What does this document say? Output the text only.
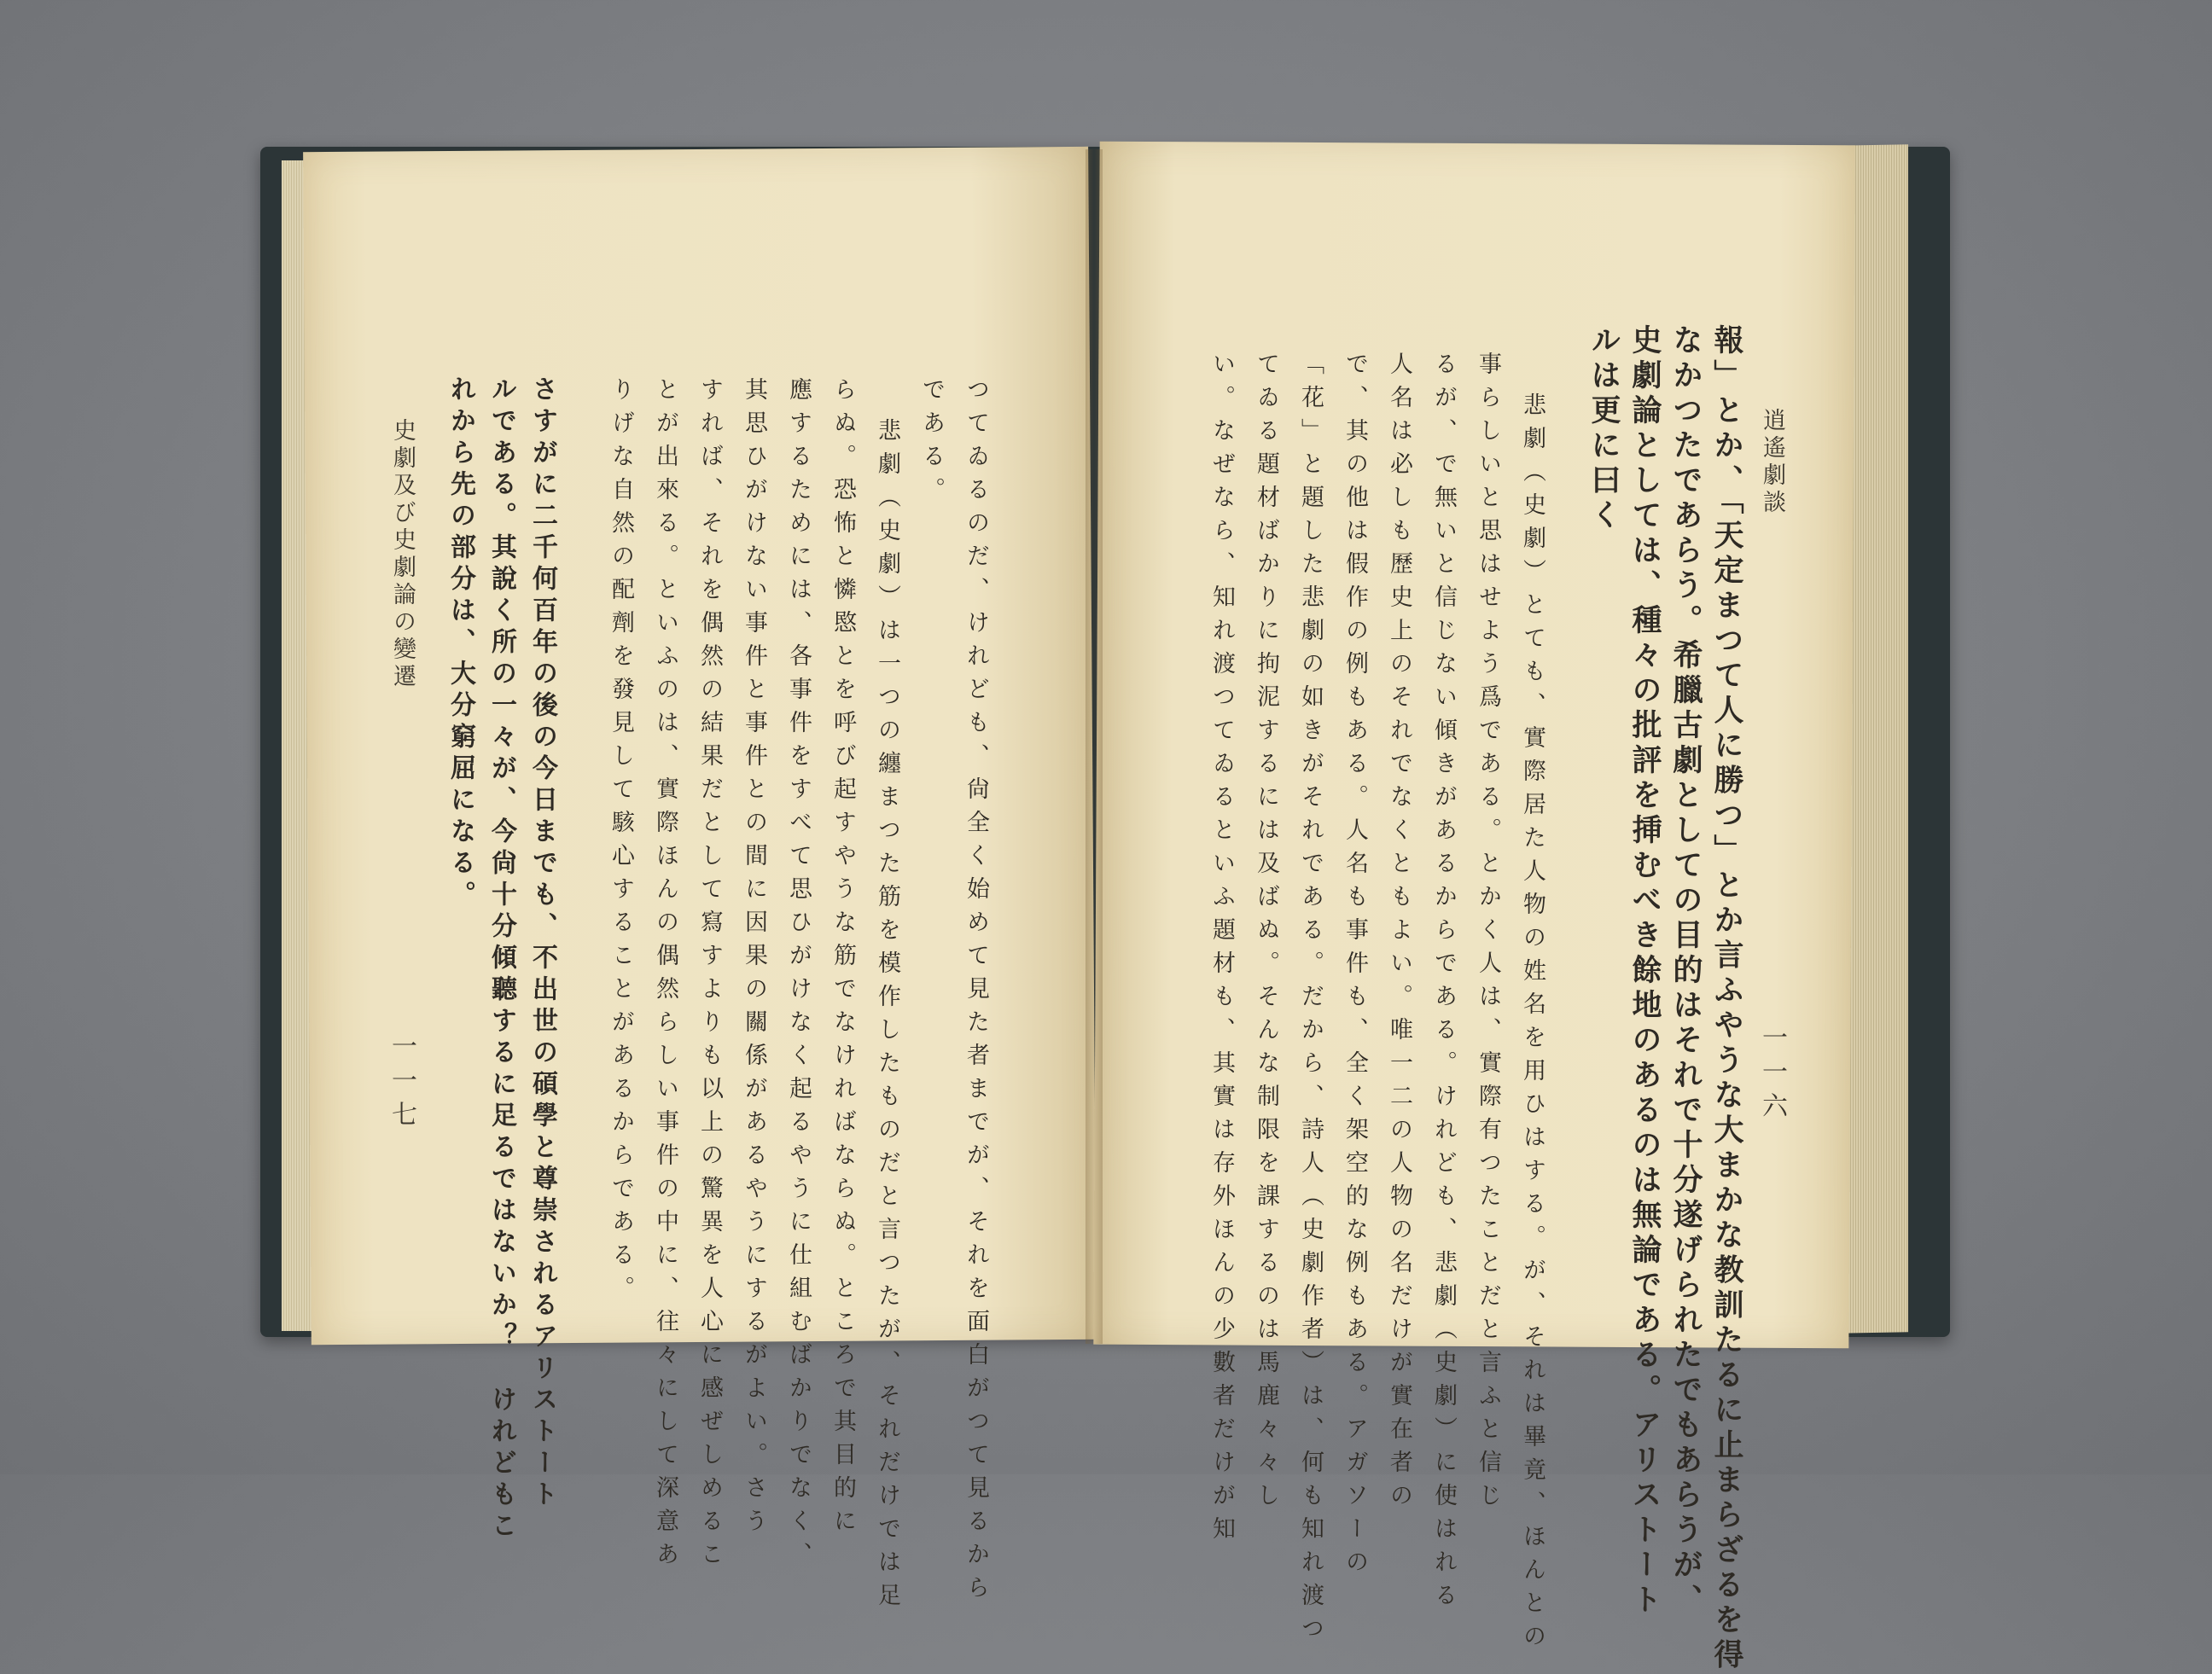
逍遙劇談
一一六
報」とか、「天定まつて人に勝つ」とか言ふやうな大まかな教訓たるに止まらざるを得
なかつたであらう。希臘古劇としての目的はそれで十分遂げられたでもあらうが、
史劇論としては、種々の批評を挿むべき餘地のあるのは無論である。アリストート
ルは更に曰く
悲劇（史劇）とても、實際居た人物の姓名を用ひはする。が、それは畢竟、ほんとの
事らしいと思はせよう爲である。とかく人は、實際有つたことだと言ふと信じ
るが、で無いと信じない傾きがあるからである。けれども、悲劇（史劇）に使はれる
人名は必しも歷史上のそれでなくともよい。唯一二の人物の名だけが實在者の
で、其の他は假作の例もある。人名も事件も、全く架空的な例もある。アガソーの
「花」と題した悲劇の如きがそれである。だから、詩人（史劇作者）は、何も知れ渡つ
てゐる題材ばかりに拘泥するには及ばぬ。そんな制限を課するのは馬鹿々々し
い。なぜなら、知れ渡つてゐるといふ題材も、其實は存外ほんの少數者だけが知
つてゐるのだ、けれども、尙全く始めて見た者までが、それを面白がつて見るから
である。
悲劇（史劇）は一つの纏まつた筋を模作したものだと言つたが、それだけでは足
らぬ。恐怖と憐愍とを呼び起すやうな筋でなければならぬ。ところで其目的に
應するためには、各事件をすべて思ひがけなく起るやうに仕組むばかりでなく、
其思ひがけない事件と事件との間に因果の關係があるやうにするがよい。さう
すれば、それを偶然の結果だとして寫すよりも以上の驚異を人心に感ぜしめるこ
とが出來る。といふのは、實際ほんの偶然らしい事件の中に、往々にして深意あ
りげな自然の配劑を發見して駭心することがあるからである。
さすがに二千何百年の後の今日までも、不出世の碩學と尊崇されるアリストート
ルである。其說く所の一々が、今尙十分傾聽するに足るではないか？　けれどもこ
れから先の部分は、大分窮屈になる。
史劇及び史劇論の變遷
一一七
